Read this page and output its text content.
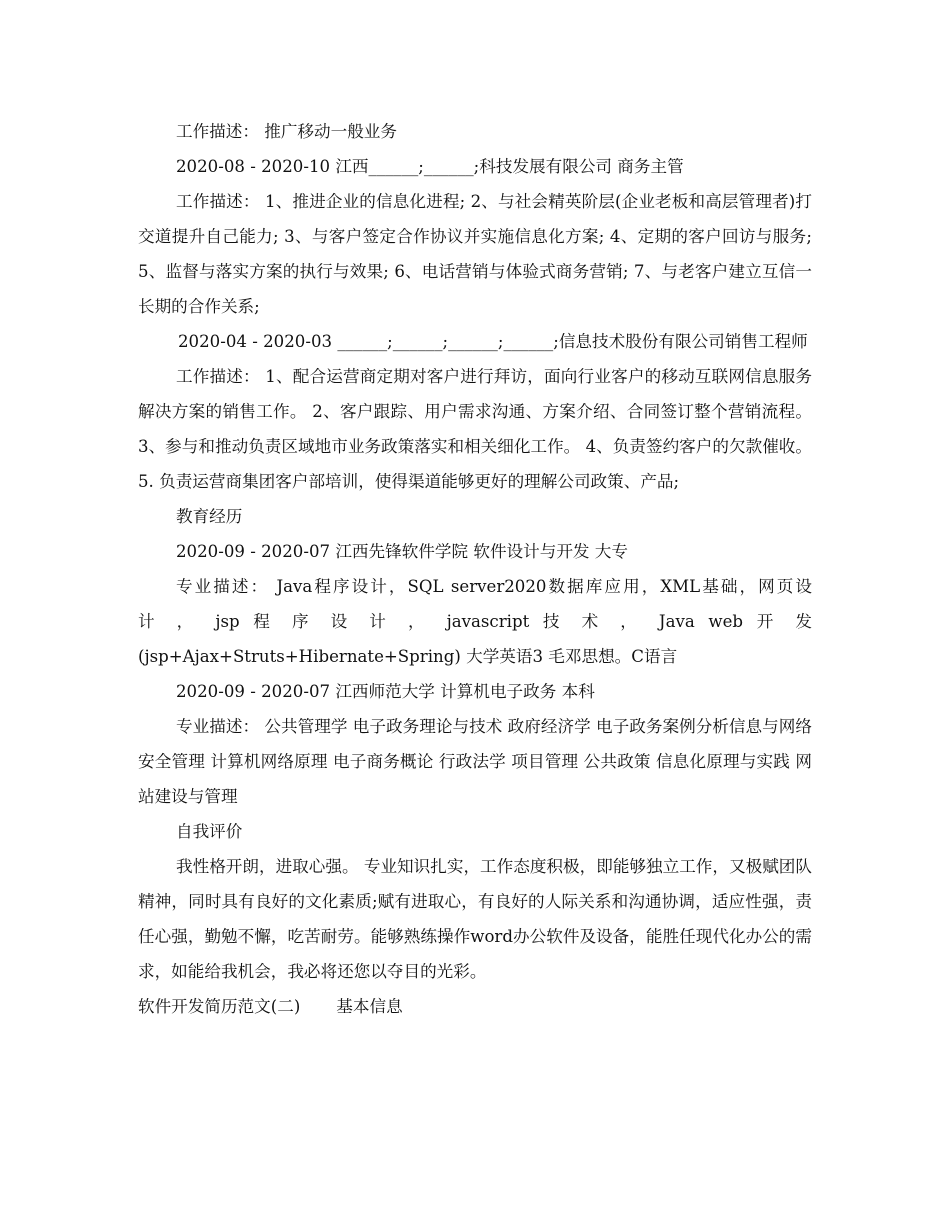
工作描述： 推广移动一般业务

2020-08 - 2020-10 江西______;______;科技发展有限公司 商务主管

工作描述： 1、推进企业的信息化进程; 2、与社会精英阶层(企业老板和高层管理者)打交道提升自己能力; 3、与客户签定合作协议并实施信息化方案; 4、定期的客户回访与服务; 5、监督与落实方案的执行与效果; 6、电话营销与体验式商务营销; 7、与老客户建立互信一长期的合作关系;

2020-04 - 2020-03 ______;______;______;______;信息技术股份有限公司销售工程师

工作描述： 1、配合运营商定期对客户进行拜访，面向行业客户的移动互联网信息服务解决方案的销售工作。 2、客户跟踪、用户需求沟通、方案介绍、合同签订整个营销流程。 3、参与和推动负责区域地市业务政策落实和相关细化工作。 4、负责签约客户的欠款催收。 5. 负责运营商集团客户部培训，使得渠道能够更好的理解公司政策、产品;

教育经历

2020-09 - 2020-07 江西先锋软件学院 软件设计与开发 大专

专业描述： Java程序设计，SQL server2020数据库应用，XML基础，网页设

计 ， jsp 程 序 设 计 ， javascript 技 术 ， Java web 开 发

(jsp+Ajax+Struts+Hibernate+Spring) 大学英语3 毛邓思想。C语言

2020-09 - 2020-07 江西师范大学 计算机电子政务 本科

专业描述： 公共管理学 电子政务理论与技术 政府经济学 电子政务案例分析信息与网络安全管理 计算机网络原理 电子商务概论 行政法学 项目管理 公共政策 信息化原理与实践 网站建设与管理

自我评价

我性格开朗，进取心强。 专业知识扎实，工作态度积极，即能够独立工作，又极赋团队精神，同时具有良好的文化素质;赋有进取心，有良好的人际关系和沟通协调，适应性强，责任心强，勤勉不懈，吃苦耐劳。能够熟练操作word办公软件及设备，能胜任现代化办公的需求，如能给我机会，我必将还您以夺目的光彩。

软件开发简历范文(二) 基本信息
